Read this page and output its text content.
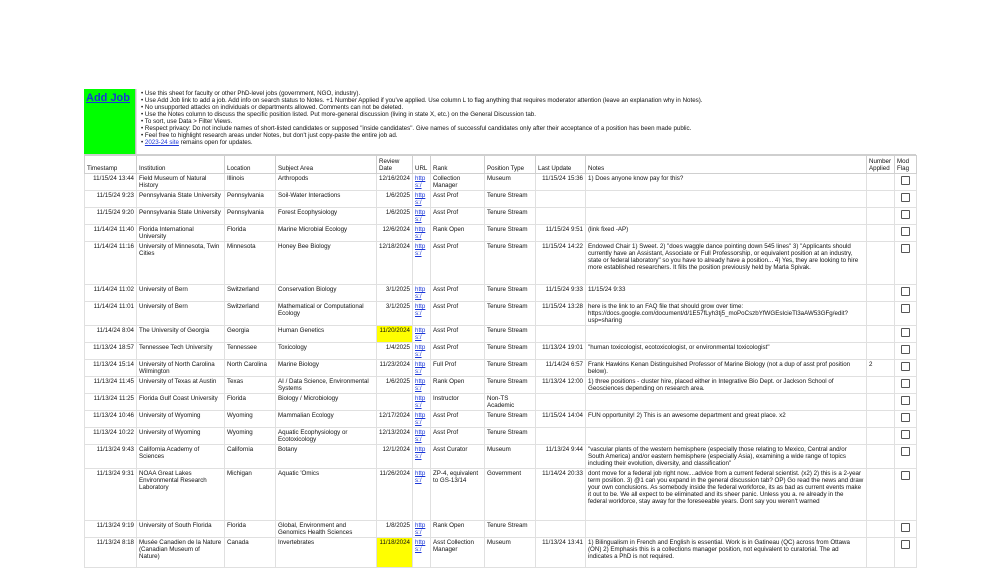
Add Job	• Use this sheet for faculty or other PhD-level jobs (government, NGO, industry).
• Use Add Job link to add a job. Add info on search status to Notes. +1 Number Applied if you've applied. Use column L to flag anything that requires moderator attention (leave an explanation why in Notes).
• No unsupported attacks on individuals or departments allowed. Comments can not be deleted.
• Use the Notes column to discuss the specific position listed. Put more-general discussion (living in state X, etc.) on the General Discussion tab.
• To sort, use Data > Filter Views.
• Respect privacy: Do not include names of short-listed candidates or supposed "inside candidates". Give names of successful candidates only after their acceptance of a position has been made public.
• Feel free to highlight research areas under Notes, but don't just copy-paste the entire job ad.
• 2023-24 site remains open for updates.
Timestamp	Institution	Location	Subject Area	Review Date	URL	Rank	Position Type	Last Update	Notes	Number Applied	Mod Flag
11/15/24 13:44	Field Museum of Natural History	Illinois	Arthropods	12/16/2024	https:/	Collection Manager	Museum	11/15/24 15:36	1) Does anyone know pay for this?		

11/15/24 9:23	Pennsylvania State University	Pennsylvania	Soil-Water Interactions	1/6/2025	https:/	Asst Prof	Tenure Stream				

11/15/24 9:20	Pennsylvania State University	Pennsylvania	Forest Ecophysiology	1/6/2025	https:/	Asst Prof	Tenure Stream				

11/14/24 11:40	Florida International University	Florida	Marine Microbial Ecology	12/6/2024	https:/	Rank Open	Tenure Stream	11/15/24 9:51	(link fixed -AP)		

11/14/24 11:16	University of Minnesota, Twin Cities	Minnesota	Honey Bee Biology	12/18/2024	https:/	Asst Prof	Tenure Stream	11/15/24 14:22	Endowed Chair 1) Sweet. 2) "does waggle dance pointing down 545 lines" 3) "Applicants should currently have an Assistant, Associate or Full Professorship, or equivalent position at an industry, state or federal laboratory" so you have to already have a position... 4) Yes, they are looking to hire more established researchers. It fills the position previously held by Marla Spivak.		

11/14/24 11:02	University of Bern	Switzerland	Conservation Biology	3/1/2025	https:/	Asst Prof	Tenure Stream	11/15/24 9:33	11/15/24 9:33		

11/14/24 11:01	University of Bern	Switzerland	Mathematical or Computational Ecology	3/1/2025	https:/	Asst Prof	Tenure Stream	11/15/24 13:28	here is the link to an FAQ file that should grow over time: https://docs.google.com/document/d/1E57fLyh3tj5_moPoCszbYfWGEsIcieTl3aAW53GFg/edit?usp=sharing		

11/14/24 8:04	The University of Georgia	Georgia	Human Genetics	11/20/2024	https:/	Asst Prof	Tenure Stream				

11/13/24 18:57	Tennessee Tech University	Tennessee	Toxicology	1/4/2025	https:/	Asst Prof	Tenure Stream	11/13/24 19:01	"human toxicologist, ecotoxicologist, or environmental toxicologist"		

11/13/24 15:14	University of North Carolina Wilmington	North Carolina	Marine Biology	11/23/2024	https:/	Full Prof	Tenure Stream	11/14/24 6:57	Frank Hawkins Kenan Distinguished Professor of Marine Biology (not a dup of asst prof position below).	2	

11/13/24 11:45	University of Texas at Austin	Texas	AI / Data Science, Environmental Systems	1/6/2025	https:/	Rank Open	Tenure Stream	11/13/24 12:00	1) three positions - cluster hire, placed either in Integrative Bio Dept. or Jackson School of Geosciences depending on research area.		

11/13/24 11:25	Florida Gulf Coast University	Florida	Biology / Microbiology		https:/	Instructor	Non-TS Academic				

11/13/24 10:46	University of Wyoming	Wyoming	Mammalian Ecology	12/17/2024	https:/	Asst Prof	Tenure Stream	11/15/24 14:04	FUN opportunity! 2) This is an awesome department and great place. x2		

11/13/24 10:22	University of Wyoming	Wyoming	Aquatic Ecophysiology or Ecotoxicology	12/13/2024	https:/	Asst Prof	Tenure Stream				

11/13/24 9:43	California Academy of Sciences	California	Botany	12/1/2024	https:/	Asst Curator	Museum	11/13/24 9:44	"vascular plants of the western hemisphere (especially those relating to Mexico, Central and/or South America) and/or eastern hemisphere (especially Asia), examining a wide range of topics including their evolution, diversity, and classification"		

11/13/24 9:31	NOAA Great Lakes Environmental Research Laboratory	Michigan	Aquatic 'Omics	11/26/2024	https:/	ZP-4, equivalent to GS-13/14	Government	11/14/24 20:33	dont move for a federal job right now....advice from a current federal scientist. (x2) 2) this is a 2-year term position. 3) @1 can you expand in the general discussion tab? OP) Go read the news and draw your own conclusions. As somebody inside the federal workforce, its as bad as current events make it out to be. We all expect to be eliminated and its sheer panic. Unless you a. re already in the federal workforce, stay away for the foreseeable years. Dont say you weren't warned		

11/13/24 9:19	University of South Florida	Florida	Global, Environment and Genomics Health Sciences	1/8/2025	https:/	Rank Open	Tenure Stream				

11/13/24 8:18	Musée Canadien de la Nature (Canadian Museum of Nature)	Canada	Invertebrates	11/18/2024	https:/	Asst Collection Manager	Museum	11/13/24 13:41	1) Bilingualism in French and English is essential. Work is in Gatineau (QC) across from Ottawa (ON) 2) Emphasis this is a collections manager position, not equivalent to curatorial. The ad indicates a PhD is not required.		
